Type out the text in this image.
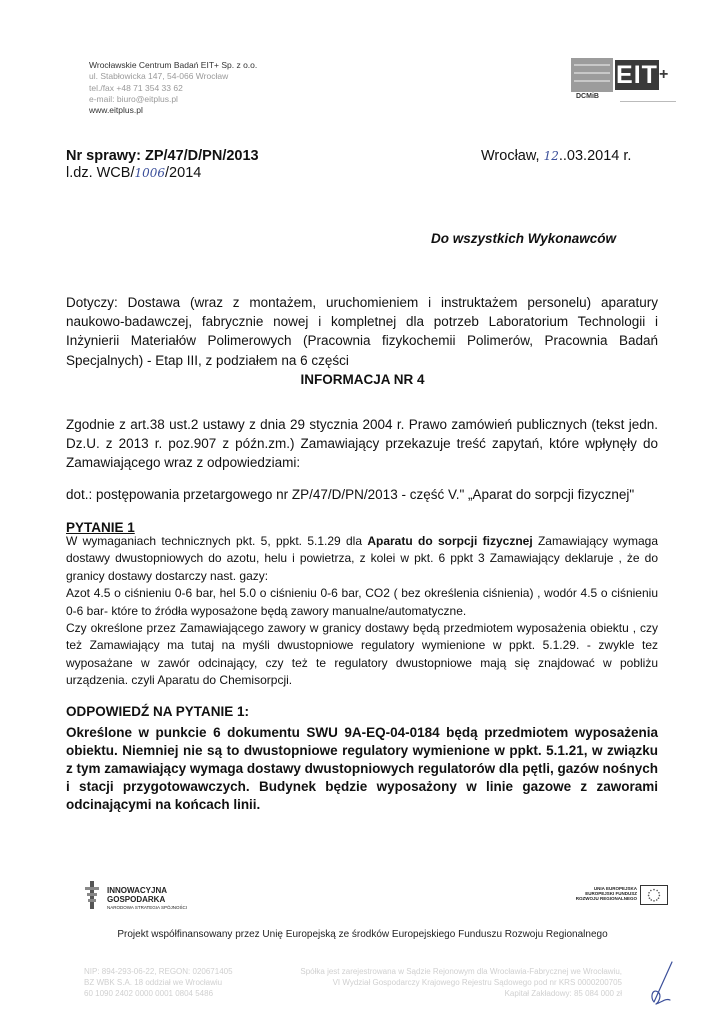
Wrocławskie Centrum Badań EIT+ Sp. z o.o.
ul. Stabłowicka 147, 54-066 Wrocław
tel./fax +48 71 354 33 62
e-mail: biuro@eitplus.pl
www.eitplus.pl
EIT +
DCMiB
Nr sprawy: ZP/47/D/PN/2013
l.dz. WCB/1006/2014
Wrocław, 12..03.2014 r.
Do wszystkich Wykonawców
Dotyczy: Dostawa (wraz z montażem, uruchomieniem i instruktażem personelu) aparatury naukowo-badawczej, fabrycznie nowej i kompletnej dla potrzeb Laboratorium Technologii i Inżynierii Materiałów Polimerowych (Pracownia fizykochemii Polimerów, Pracownia Badań Specjalnych) - Etap III, z podziałem na 6 części
INFORMACJA NR 4
Zgodnie z art.38 ust.2 ustawy z dnia 29 stycznia 2004 r. Prawo zamówień publicznych (tekst jedn. Dz.U. z 2013 r. poz.907 z późn.zm.) Zamawiający przekazuje treść zapytań, które wpłynęły do Zamawiającego wraz z odpowiedziami:
dot.: postępowania przetargowego nr ZP/47/D/PN/2013 - część V." „Aparat do sorpcji fizycznej"
PYTANIE 1

W wymaganiach technicznych pkt. 5, ppkt. 5.1.29 dla Aparatu do sorpcji fizycznej Zamawiający wymaga dostawy dwustopniowych do azotu, helu i powietrza, z kolei w pkt. 6 ppkt 3 Zamawiający deklaruje , że do granicy dostawy dostarczy nast. gazy:

Azot 4.5 o ciśnieniu 0-6 bar, hel 5.0 o ciśnieniu 0-6 bar, CO2 ( bez określenia ciśnienia) , wodór 4.5 o ciśnieniu 0-6 bar- które to źródła wyposażone będą zawory manualne/automatyczne.

Czy określone przez Zamawiającego zawory w granicy dostawy będą przedmiotem wyposażenia obiektu , czy też Zamawiający ma tutaj na myśli dwustopniowe regulatory wymienione w ppkt. 5.1.29. - zwykle tez wyposażane w zawór odcinający, czy też te regulatory dwustopniowe mają się znajdować w pobliżu urządzenia. czyli Aparatu do Chemisorpcji.

ODPOWIEDŹ NA PYTANIE 1:
Określone w punkcie 6 dokumentu SWU 9A-EQ-04-0184 będą przedmiotem wyposażenia obiektu. Niemniej nie są to dwustopniowe regulatory wymienione w ppkt. 5.1.21, w związku z tym zamawiający wymaga dostawy dwustopniowych regulatorów dla pętli, gazów nośnych i stacji przygotowawczych. Budynek będzie wyposażony w linie gazowe z zaworami odcinającymi na końcach linii.
INNOWACYJNA
GOSPODARKA
NARODOWA STRATEGIA SPÓJNOŚCI
UNIA EUROPEJSKA
EUROPEJSKI FUNDUSZ
ROZWOJU REGIONALNEGO
Projekt współfinansowany przez Unię Europejską ze środków Europejskiego Funduszu Rozwoju Regionalnego
NIP: 894-293-06-22, REGON: 020671405
BZ WBK S.A. 18 oddział we Wrocławiu
60 1090 2402 0000 0001 0804 5486
Spółka jest zarejestrowana w Sądzie Rejonowym dla Wrocławia-Fabrycznej we Wrocławiu,
VI Wydział Gospodarczy Krajowego Rejestru Sądowego pod nr KRS 0000200705
Kapitał Zakładowy: 85 084 000 zł
